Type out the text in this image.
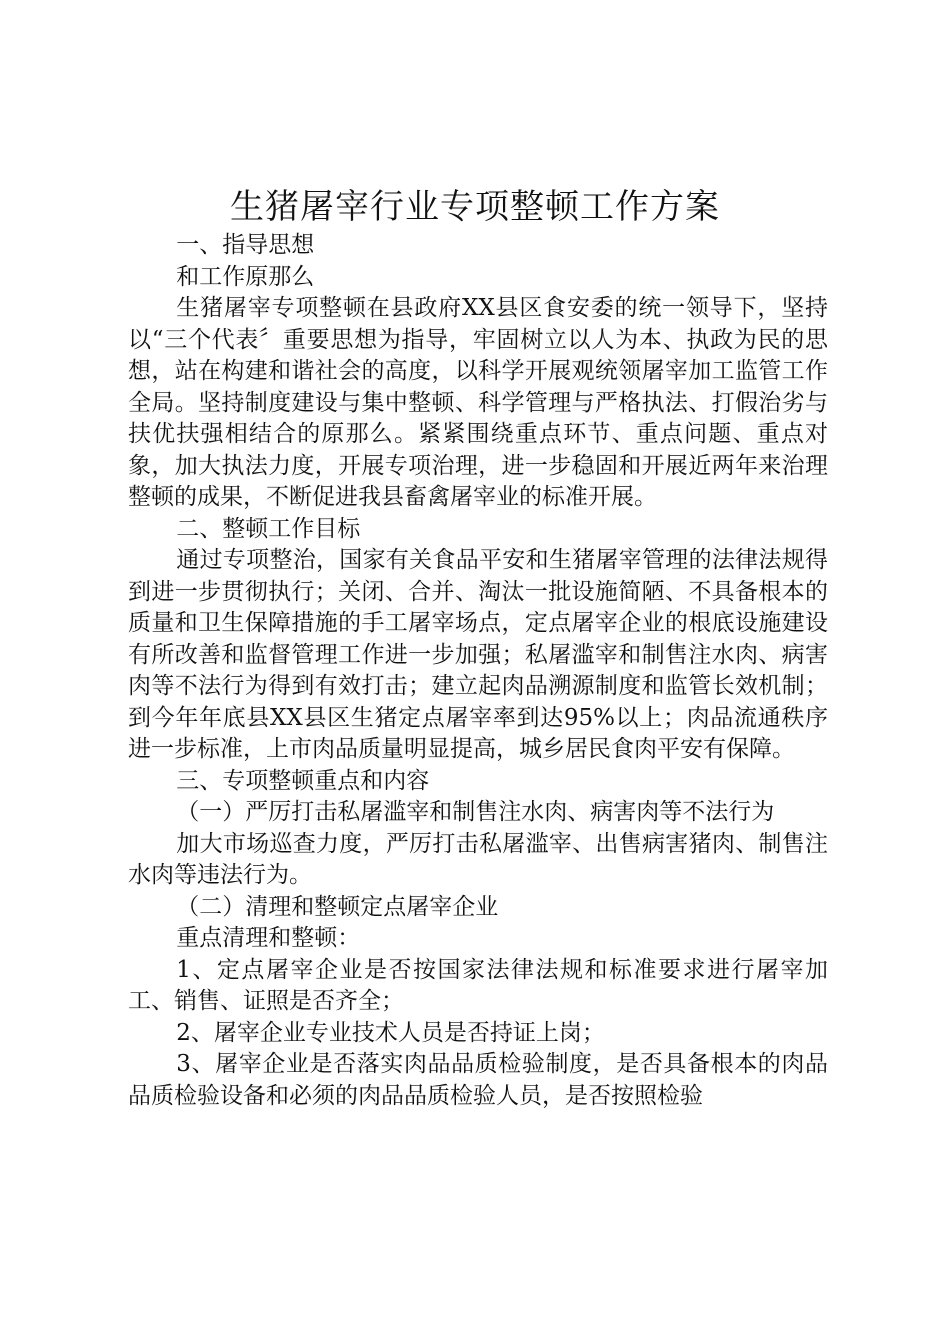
生猪屠宰行业专项整顿工作方案

一、指导思想

和工作原那么

生猪屠宰专项整顿在县政府XX县区食安委的统一领导下，坚持以“三个代表〞重要思想为指导，牢固树立以人为本、执政为民的思想，站在构建和谐社会的高度，以科学开展观统领屠宰加工监管工作全局。坚持制度建设与集中整顿、科学管理与严格执法、打假治劣与扶优扶强相结合的原那么。紧紧围绕重点环节、重点问题、重点对象，加大执法力度，开展专项治理，进一步稳固和开展近两年来治理整顿的成果，不断促进我县畜禽屠宰业的标准开展。

二、整顿工作目标

通过专项整治，国家有关食品平安和生猪屠宰管理的法律法规得到进一步贯彻执行；关闭、合并、淘汰一批设施简陋、不具备根本的质量和卫生保障措施的手工屠宰场点，定点屠宰企业的根底设施建设有所改善和监督管理工作进一步加强；私屠滥宰和制售注水肉、病害肉等不法行为得到有效打击；建立起肉品溯源制度和监管长效机制；到今年年底县XX县区生猪定点屠宰率到达95%以上；肉品流通秩序进一步标准，上市肉品质量明显提高，城乡居民食肉平安有保障。

三、专项整顿重点和内容

（一）严厉打击私屠滥宰和制售注水肉、病害肉等不法行为

加大市场巡查力度，严厉打击私屠滥宰、出售病害猪肉、制售注水肉等违法行为。

（二）清理和整顿定点屠宰企业

重点清理和整顿：

1、定点屠宰企业是否按国家法律法规和标准要求进行屠宰加工、销售、证照是否齐全；

2、屠宰企业专业技术人员是否持证上岗；

3、屠宰企业是否落实肉品品质检验制度，是否具备根本的肉品品质检验设备和必须的肉品品质检验人员，是否按照检验
